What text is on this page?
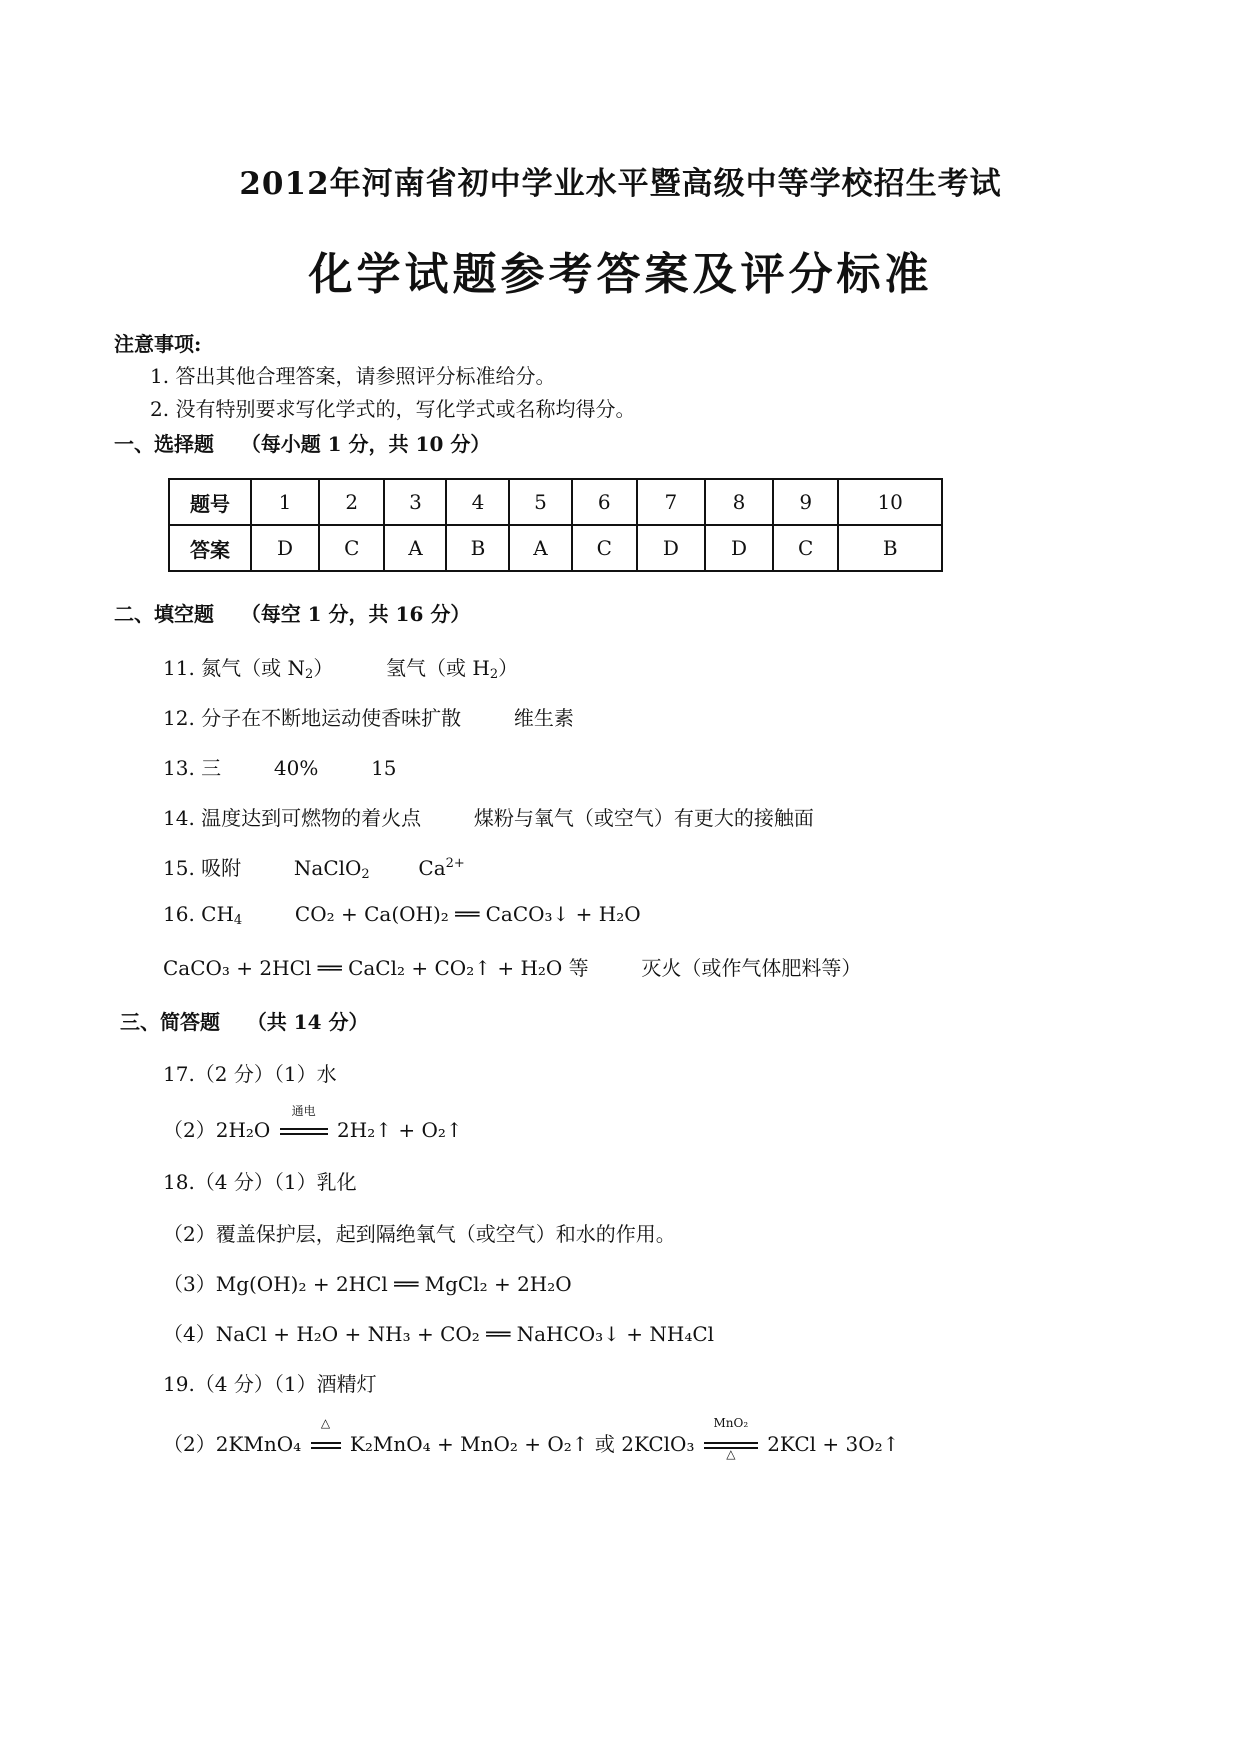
2012年河南省初中学业水平暨高级中等学校招生考试
化学试题参考答案及评分标准
注意事项:
1. 答出其他合理答案，请参照评分标准给分。
2. 没有特别要求写化学式的，写化学式或名称均得分。
一、选择题 （每小题 1 分，共 10 分）
题号	1	2	3	4	5	6	7	8	9	10
答案	D	C	A	B	A	C	D	D	C	B
二、填空题 （每空 1 分，共 16 分）
11. 氮气（或 $N_2$）	氢气（或 $H_2$）
12. 分子在不断地运动使香味扩散	维生素
13. 三	40%	15
14. 温度达到可燃物的着火点	煤粉与氧气（或空气）有更大的接触面
15. 吸附	NaClO$_2$ $Ca^{2+}$
16. $CH_4$	CO₂ + Ca(OH)₂ ══ CaCO₃↓ + H₂O
CaCO₃ + 2HCl ══ CaCl₂ + CO₂↑ + H₂O 等	灭火（或作气体肥料等）
三、简答题 （共 14 分）
17.（2 分）（1）水
（2）2H₂O
通电
2H₂↑ + O₂↑
18.（4 分）（1）乳化
（2）覆盖保护层，起到隔绝氧气（或空气）和水的作用。
（3）Mg(OH)₂ + 2HCl ══ MgCl₂ + 2H₂O
（4）NaCl + H₂O + NH₃ + CO₂ ══ NaHCO₃↓ + NH₄Cl
19.（4 分）（1）酒精灯
（2）2KMnO₄
△
K₂MnO₄ + MnO₂ + O₂↑ 或 2KClO₃
MnO₂
△	2KCl + 3O₂↑
